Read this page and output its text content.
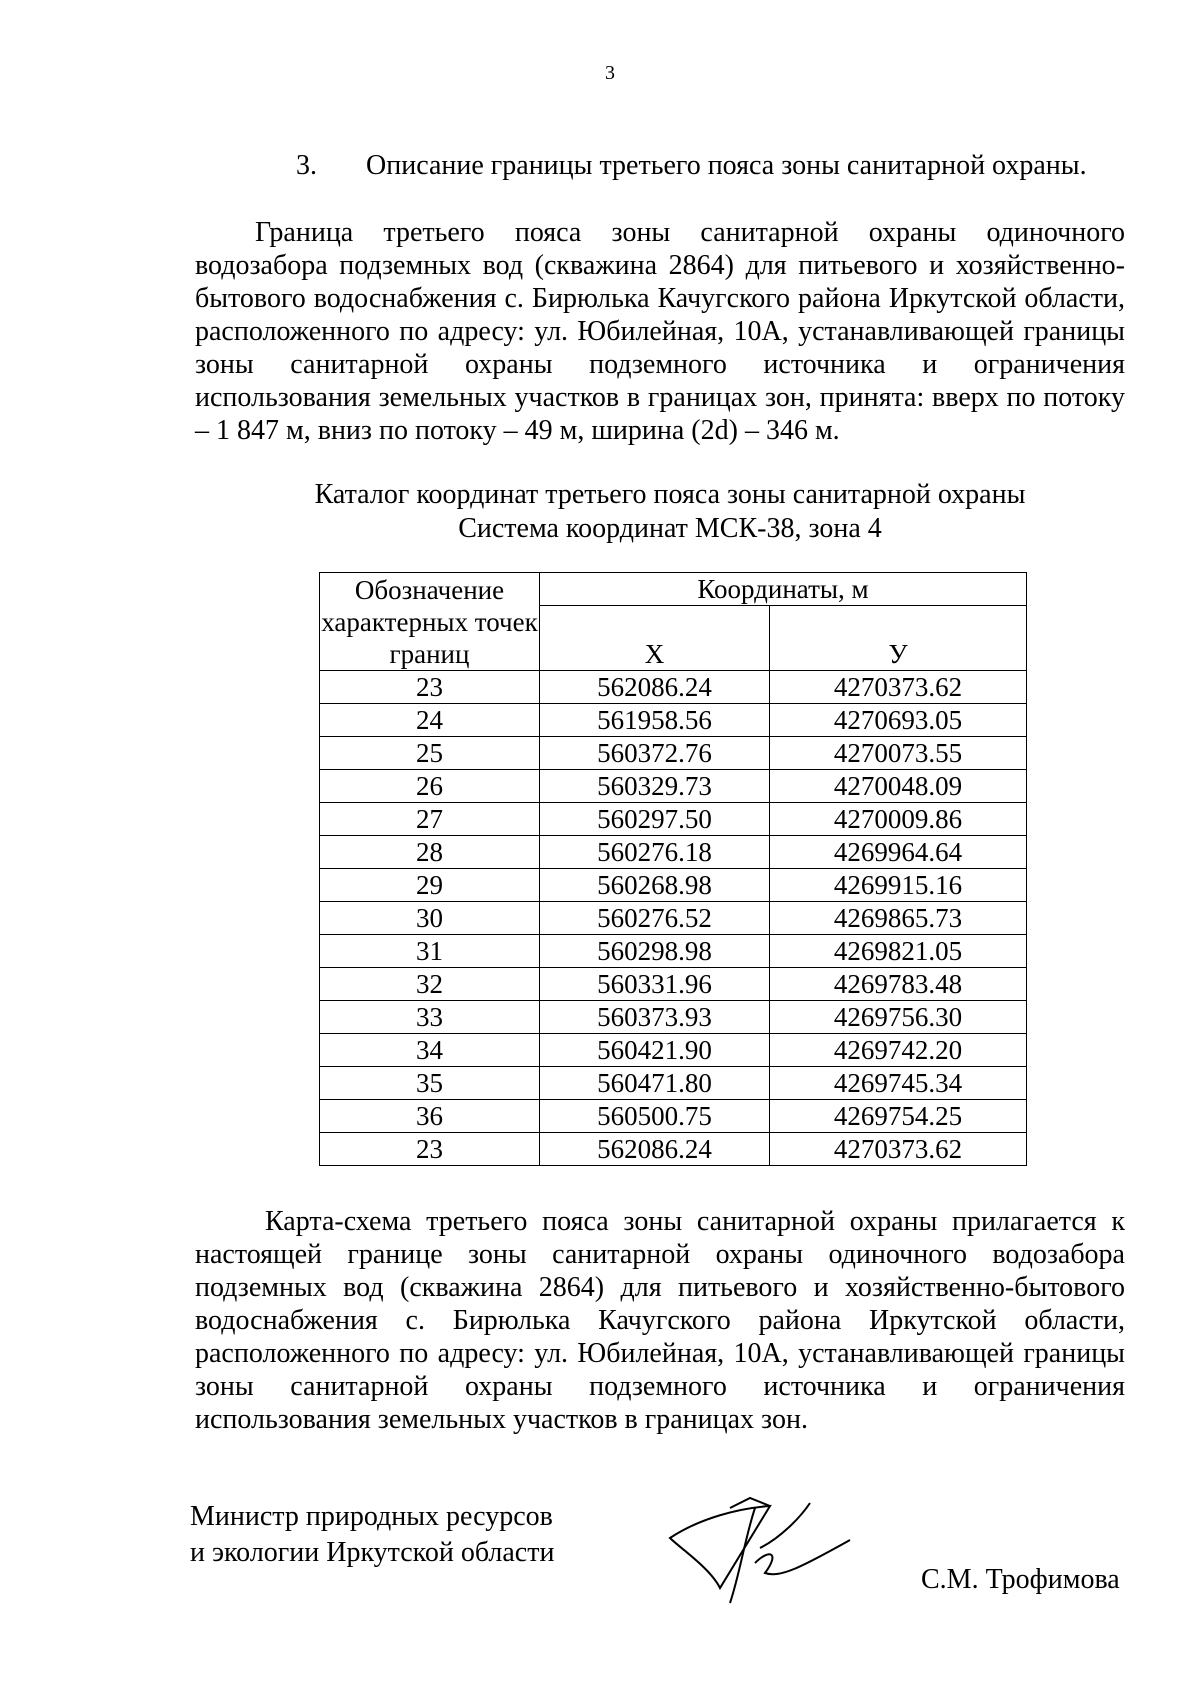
3
3. Описание границы третьего пояса зоны санитарной охраны.

Граница третьего пояса зоны санитарной охраны одиночного водозабора подземных вод (скважина 2864) для питьевого и хозяйственно-бытового водоснабжения с. Бирюлька Качугского района Иркутской области, расположенного по адресу: ул. Юбилейная, 10А, устанавливающей границы зоны санитарной охраны подземного источника и ограничения использования земельных участков в границах зон, принята: вверх по потоку – 1 847 м, вниз по потоку – 49 м, ширина (2d) – 346 м.

Каталог координат третьего пояса зоны санитарной охраны
Система координат МСК-38, зона 4
Обозначение характерных точек границ	Координаты, м	
	X	У
23	562086.24	4270373.62
24	561958.56	4270693.05
25	560372.76	4270073.55
26	560329.73	4270048.09
27	560297.50	4270009.86
28	560276.18	4269964.64
29	560268.98	4269915.16
30	560276.52	4269865.73
31	560298.98	4269821.05
32	560331.96	4269783.48
33	560373.93	4269756.30
34	560421.90	4269742.20
35	560471.80	4269745.34
36	560500.75	4269754.25
23	562086.24	4270373.62

Карта-схема третьего пояса зоны санитарной охраны прилагается к настоящей границе зоны санитарной охраны одиночного водозабора подземных вод (скважина 2864) для питьевого и хозяйственно-бытового водоснабжения с. Бирюлька Качугского района Иркутской области, расположенного по адресу: ул. Юбилейная, 10А, устанавливающей границы зоны санитарной охраны подземного источника и ограничения использования земельных участков в границах зон.

Министр природных ресурсов
и экологии Иркутской области
С.М. Трофимова
